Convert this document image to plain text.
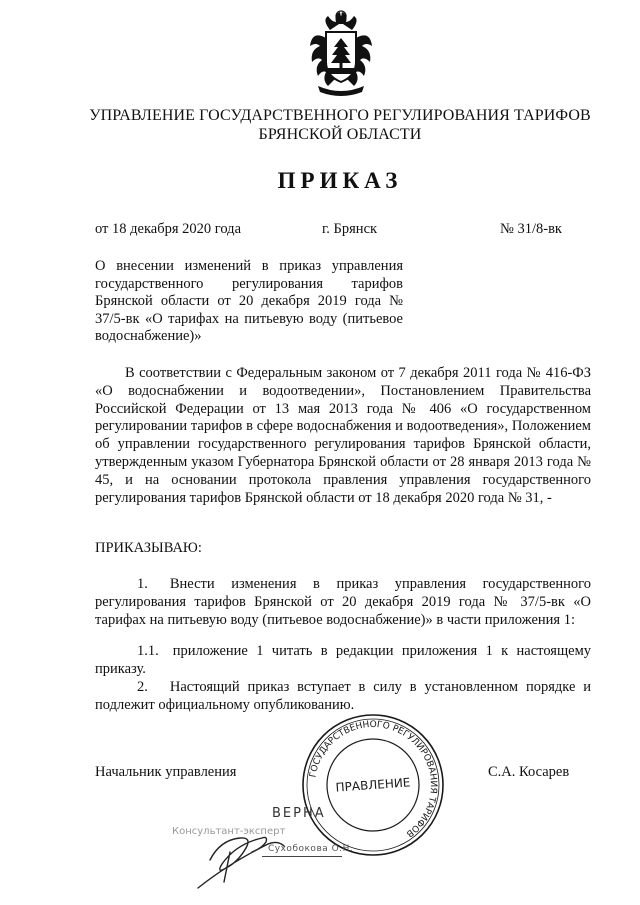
УПРАВЛЕНИЕ ГОСУДАРСТВЕННОГО РЕГУЛИРОВАНИЯ ТАРИФОВ
БРЯНСКОЙ ОБЛАСТИ
ПРИКАЗ
от 18 декабря 2020 года	г. Брянск	№ 31/8-вк
О внесении изменений в приказ управления государственного регулирования тарифов Брянской области от 20 декабря 2019 года № 37/5-вк «О тарифах на питьевую воду (питьевое водоснабжение)»
В соответствии с Федеральным законом от 7 декабря 2011 года № 416-ФЗ «О водоснабжении и водоотведении», Постановлением Правительства Российской Федерации от 13 мая 2013 года № 406 «О государственном регулировании тарифов в сфере водоснабжения и водоотведения», Положением об управлении государственного регулирования тарифов Брянской области, утвержденным указом Губернатора Брянской области от 28 января 2013 года № 45, и на основании протокола правления управления государственного регулирования тарифов Брянской области от 18 декабря 2020 года № 31, -
ПРИКАЗЫВАЮ:
1. Внести изменения в приказ управления государственного регулирования тарифов Брянской от 20 декабря 2019 года № 37/5-вк «О тарифах на питьевую воду (питьевое водоснабжение)» в части приложения 1:
1.1. приложение 1 читать в редакции приложения 1 к настоящему приказу.
2. Настоящий приказ вступает в силу в установленном порядке и подлежит официальному опубликованию.
Начальник управления	С.А. Косарев
ГОСУДАРСТВЕННОГО РЕГУЛИРОВАНИЯ ТАРИФОВ
ПРАВЛЕНИЕ
ВЕРНА
Консультант-эксперт
Сухобокова О.Н.
